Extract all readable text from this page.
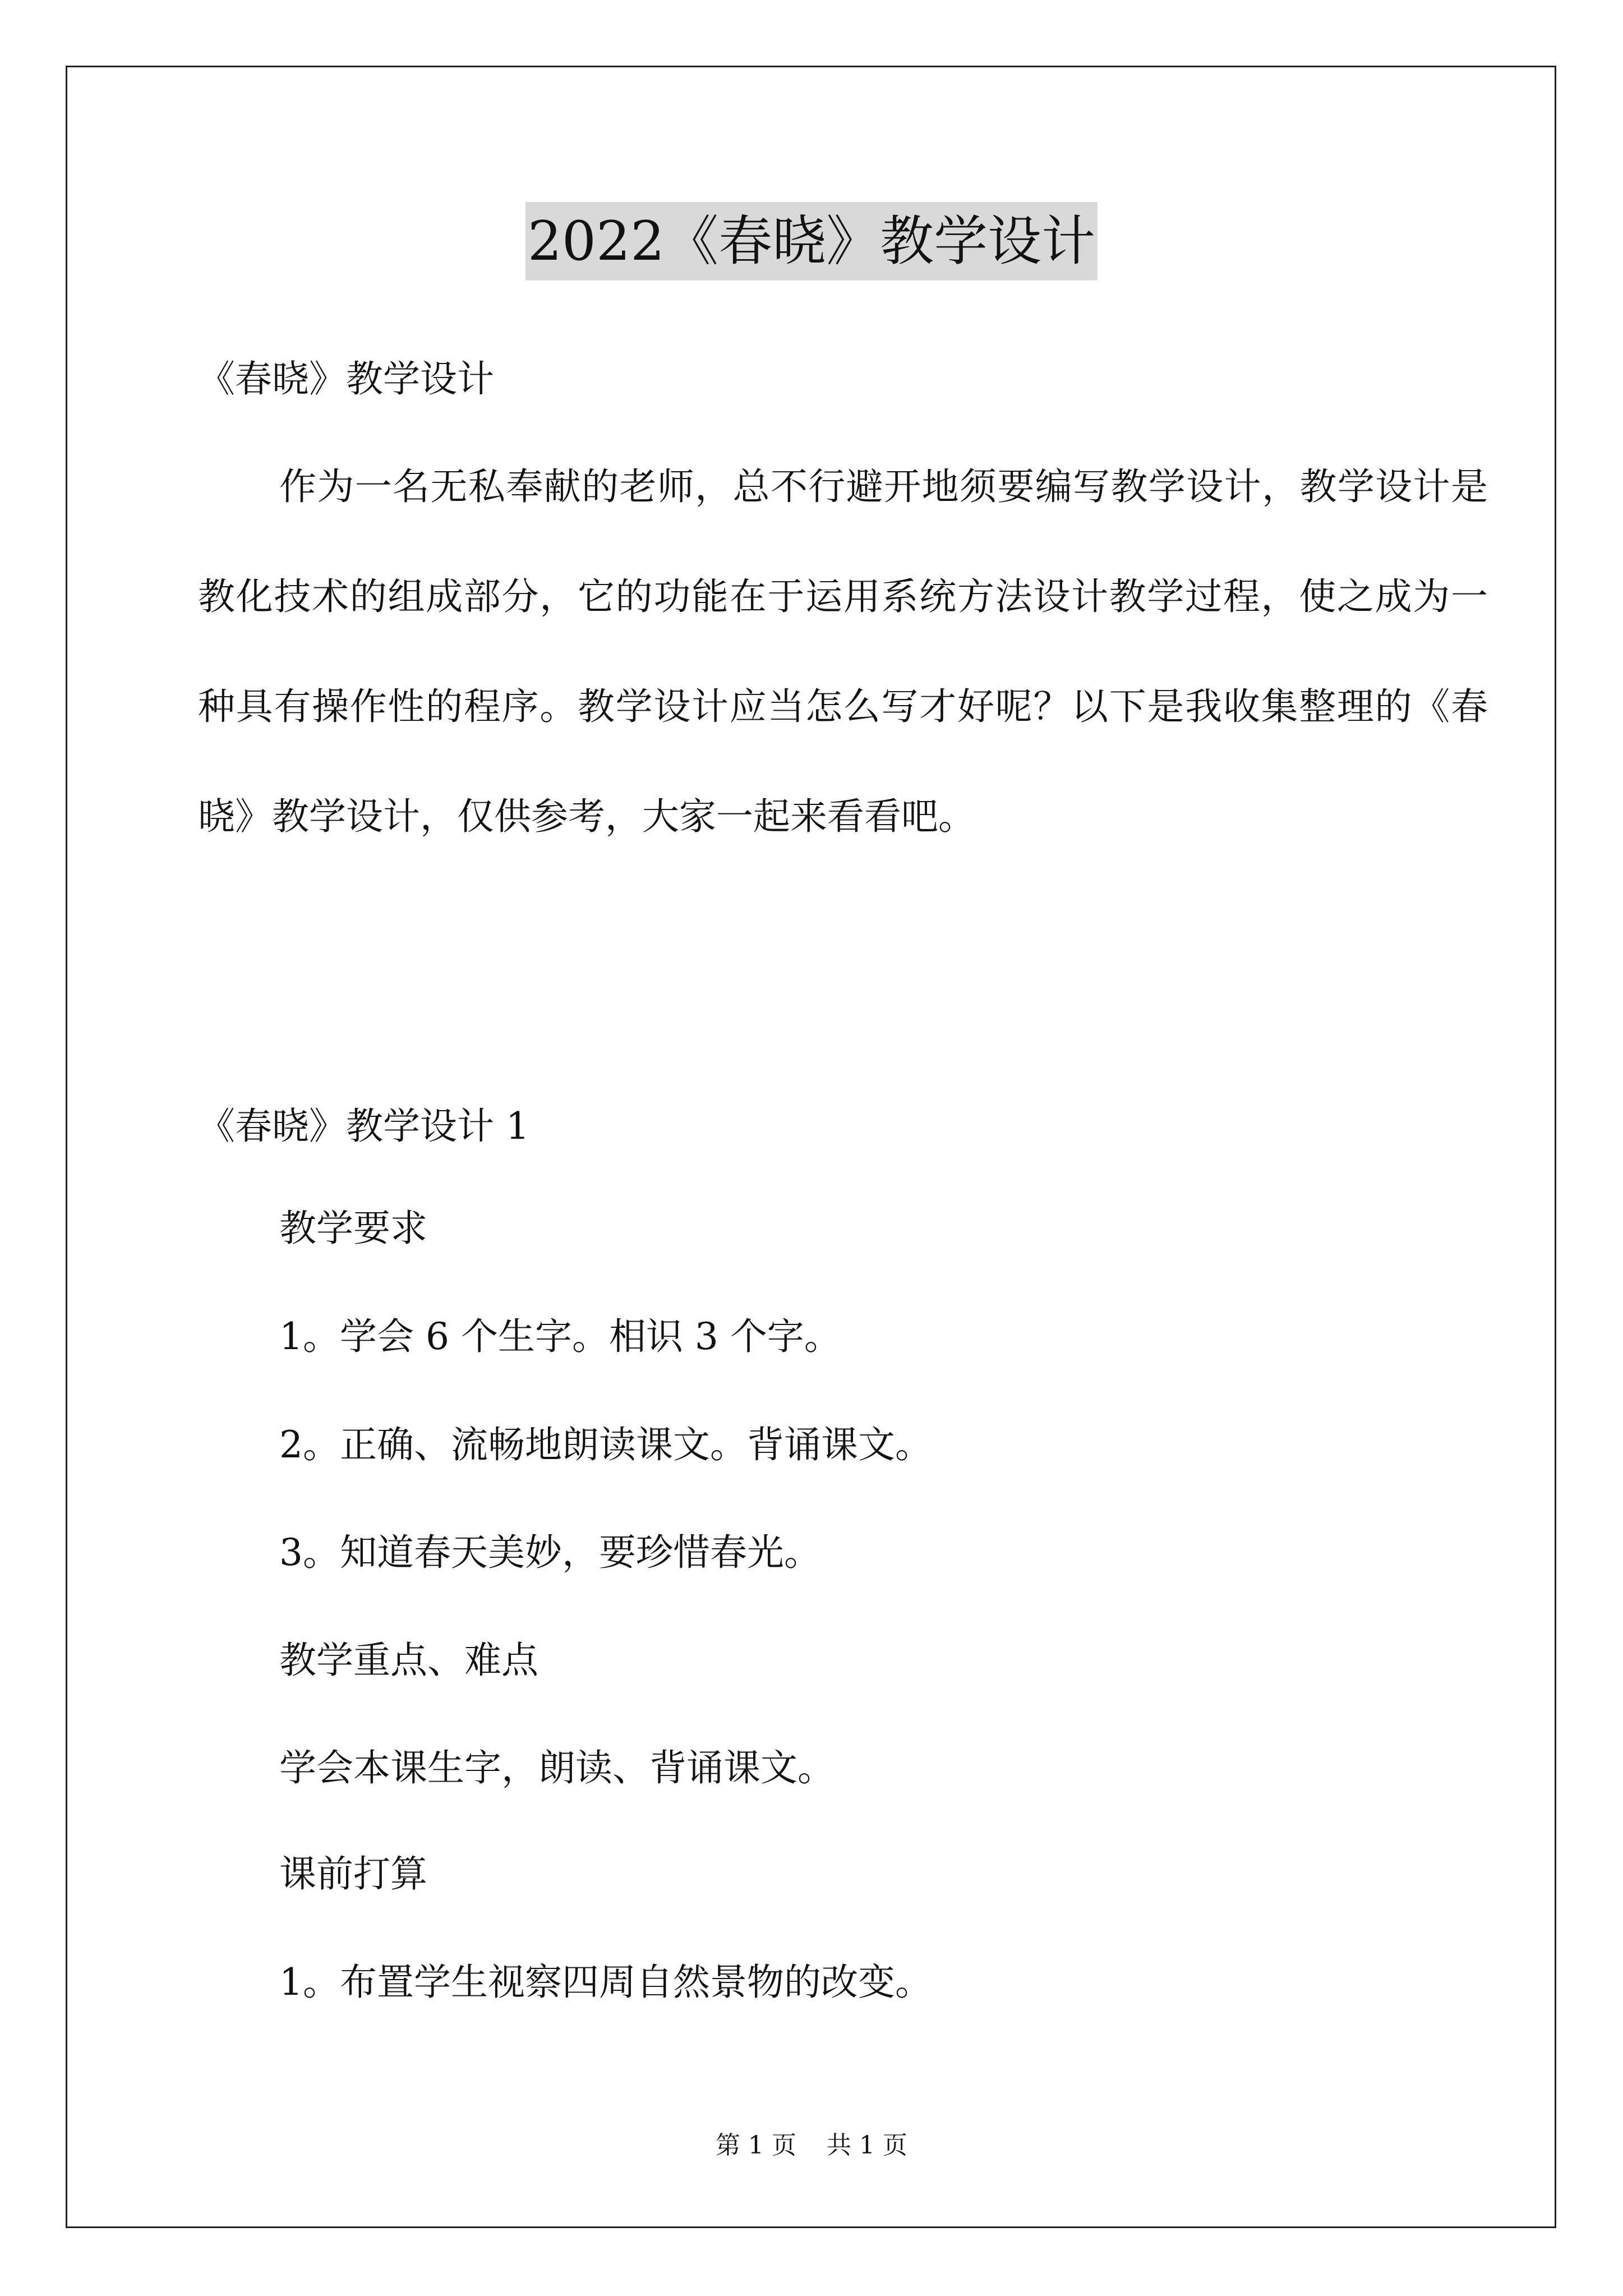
2022《春晓》教学设计
《春晓》教学设计

作为一名无私奉献的老师，总不行避开地须要编写教学设计，教学设计是教化技术的组成部分，它的功能在于运用系统方法设计教学过程，使之成为一种具有操作性的程序。教学设计应当怎么写才好呢？以下是我收集整理的《春晓》教学设计，仅供参考，大家一起来看看吧。

《春晓》教学设计 1
教学要求
1。学会 6 个生字。相识 3 个字。
2。正确、流畅地朗读课文。背诵课文。
3。知道春天美妙，要珍惜春光。
教学重点、难点
学会本课生字，朗读、背诵课文。
课前打算
1。布置学生视察四周自然景物的改变。
第 1 页 共 1 页
